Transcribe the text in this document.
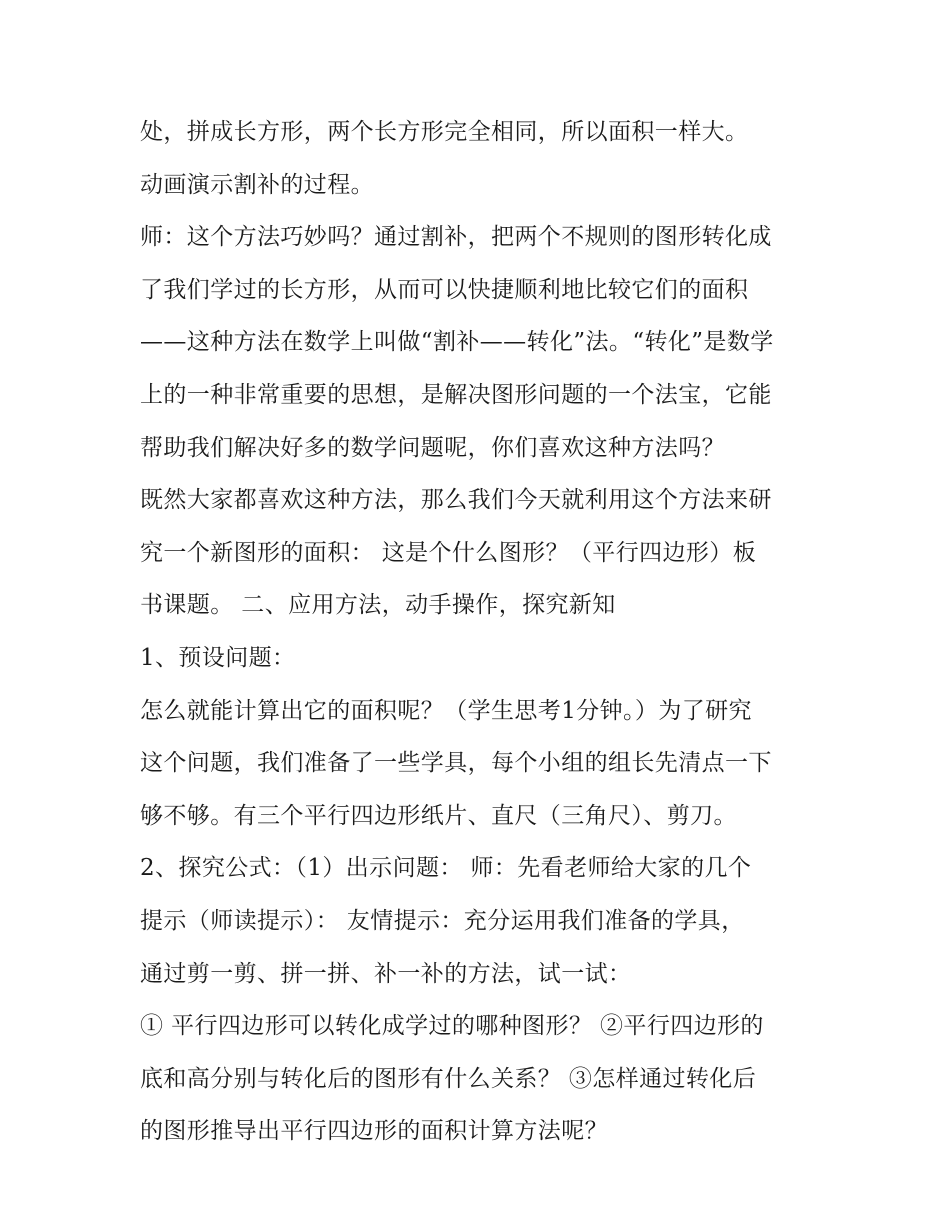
处，拼成长方形，两个长方形完全相同，所以面积一样大。
动画演示割补的过程。
师：这个方法巧妙吗？通过割补，把两个不规则的图形转化成
了我们学过的长方形，从而可以快捷顺利地比较它们的面积
——这种方法在数学上叫做“割补——转化”法。“转化”是数学
上的一种非常重要的思想，是解决图形问题的一个法宝，它能
帮助我们解决好多的数学问题呢，你们喜欢这种方法吗？
既然大家都喜欢这种方法，那么我们今天就利用这个方法来研
究一个新图形的面积： 这是个什么图形？（平行四边形）板
书课题。 二、应用方法，动手操作，探究新知
1、预设问题：
怎么就能计算出它的面积呢？（学生思考1分钟。）为了研究
这个问题，我们准备了一些学具，每个小组的组长先清点一下
够不够。有三个平行四边形纸片、直尺（三角尺）、剪刀。
2、探究公式：（1）出示问题： 师：先看老师给大家的几个
提示（师读提示）： 友情提示：充分运用我们准备的学具，
通过剪一剪、拼一拼、补一补的方法，试一试：
① 平行四边形可以转化成学过的哪种图形？ ②平行四边形的
底和高分别与转化后的图形有什么关系？ ③怎样通过转化后
的图形推导出平行四边形的面积计算方法呢？
